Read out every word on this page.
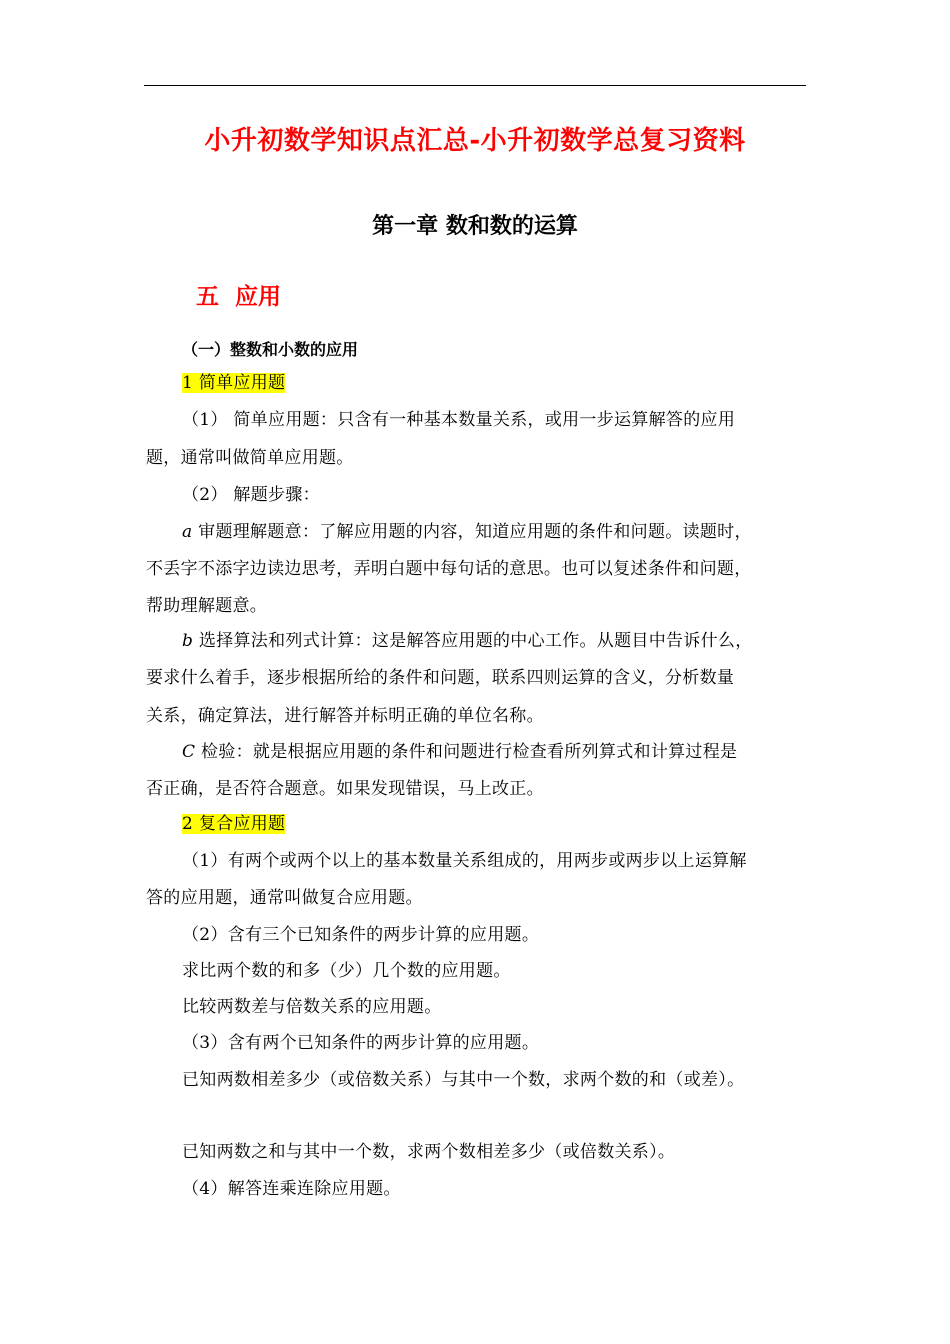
小升初数学知识点汇总-小升初数学总复习资料
第一章 数和数的运算
五  应用
（一）整数和小数的应用
1 简单应用题
（1） 简单应用题：只含有一种基本数量关系，或用一步运算解答的应用
题，通常叫做简单应用题。
（2） 解题步骤：
a 审题理解题意：了解应用题的内容，知道应用题的条件和问题。读题时，
不丢字不添字边读边思考，弄明白题中每句话的意思。也可以复述条件和问题，
帮助理解题意。
b 选择算法和列式计算：这是解答应用题的中心工作。从题目中告诉什么，
要求什么着手，逐步根据所给的条件和问题，联系四则运算的含义，分析数量
关系，确定算法，进行解答并标明正确的单位名称。
C 检验：就是根据应用题的条件和问题进行检查看所列算式和计算过程是
否正确，是否符合题意。如果发现错误，马上改正。
2 复合应用题
（1）有两个或两个以上的基本数量关系组成的，用两步或两步以上运算解
答的应用题，通常叫做复合应用题。
（2）含有三个已知条件的两步计算的应用题。
求比两个数的和多（少）几个数的应用题。
比较两数差与倍数关系的应用题。
（3）含有两个已知条件的两步计算的应用题。
已知两数相差多少（或倍数关系）与其中一个数，求两个数的和（或差）。
已知两数之和与其中一个数，求两个数相差多少（或倍数关系）。
（4）解答连乘连除应用题。
